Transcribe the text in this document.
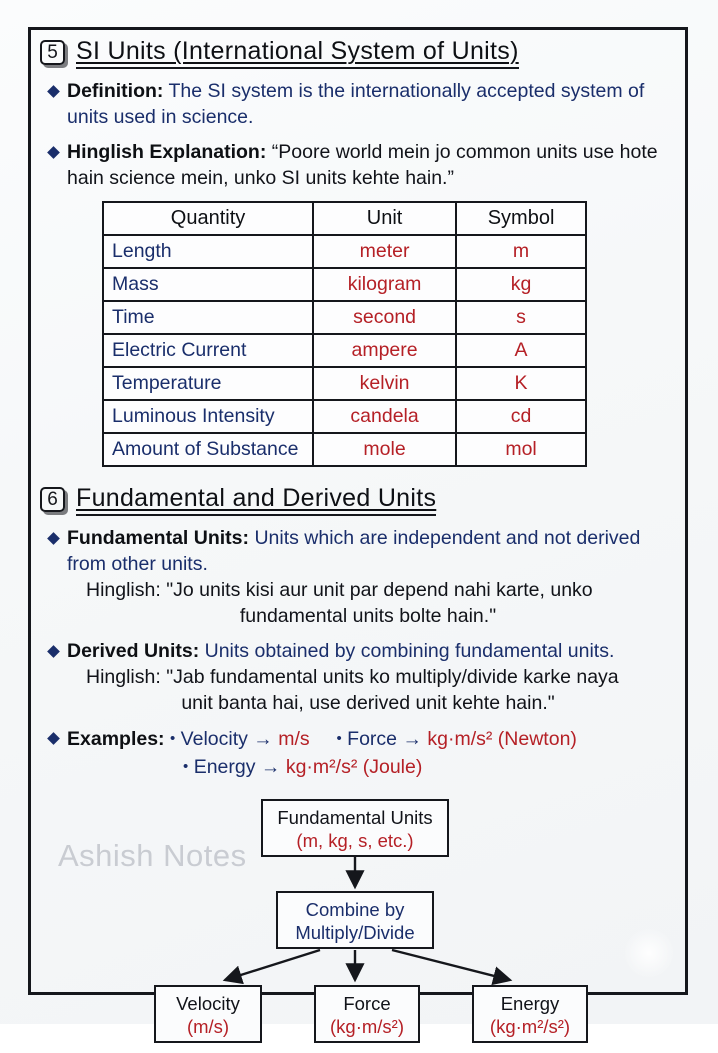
Ashish Notes
5 SI Units (International System of Units)
Definition: The SI system is the internationally accepted system of units used in science.
Hinglish Explanation: “Poore world mein jo common units use hote hain science mein, unko SI units kehte hain.”
Quantity	Unit	Symbol
Length	meter	m
Mass	kilogram	kg
Time	second	s
Electric Current	ampere	A
Temperature	kelvin	K
Luminous Intensity	candela	cd
Amount of Substance	mole	mol
6 Fundamental and Derived Units
Fundamental Units: Units which are independent and not derived from other units.
Hinglish: "Jo units kisi aur unit par depend nahi karte, unko
fundamental units bolte hain."
Derived Units: Units obtained by combining fundamental units.
Hinglish: "Jab fundamental units ko multiply/divide karke naya
unit banta hai, use derived unit kehte hain."
Examples: • Velocity → m/s • Force → kg·m/s² (Newton)
• Energy → kg·m²/s² (Joule)
Fundamental Units
(m, kg, s, etc.)
Combine by
Multiply/Divide
Velocity
(m/s)
Force
(kg·m/s²)
Energy
(kg·m²/s²)
